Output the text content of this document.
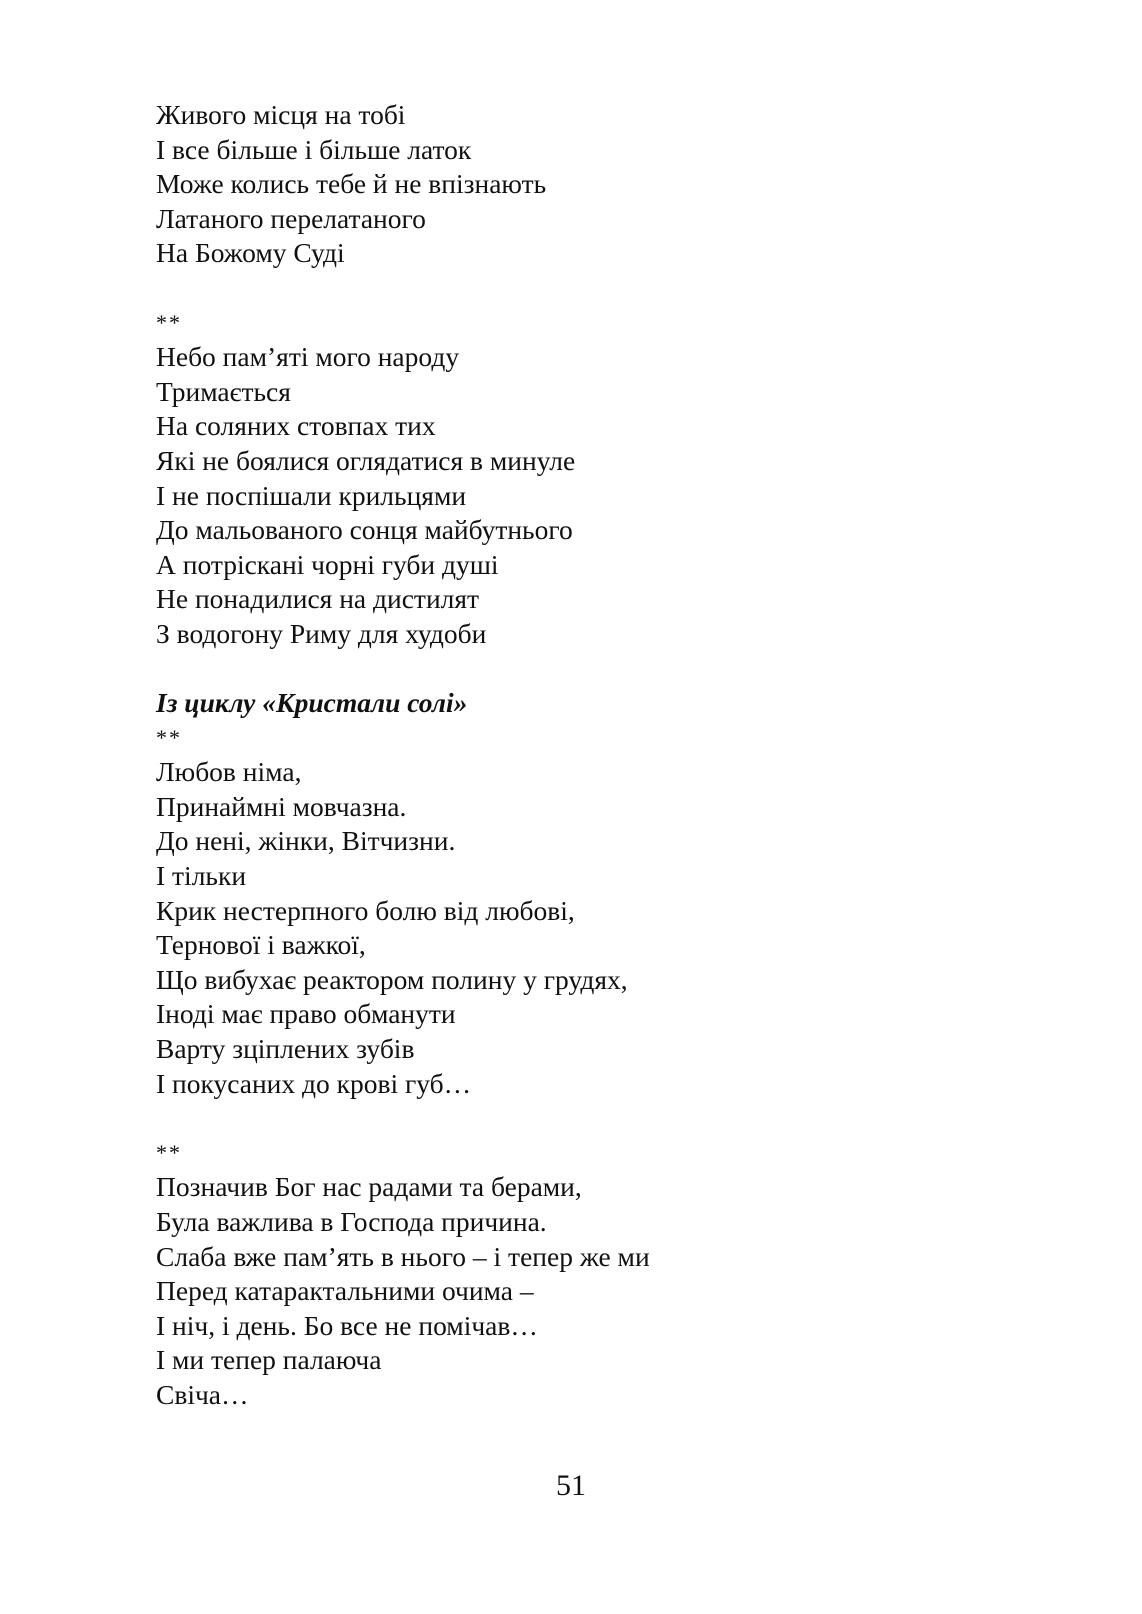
Живого місця на тобі
І все більше і більше латок
Може колись тебе й не впізнають
Латаного перелатаного
На Божому Суді
**
Небо пам’яті мого народу
Тримається
На соляних стовпах тих
Які не боялися оглядатися в минуле
І не поспішали крильцями
До мальованого сонця майбутнього
А потріскані чорні губи душі
Не понадилися на дистилят
З водогону Риму для худоби
Із циклу «Кристали солі»
**
Любов німа,
Принаймні мовчазна.
До нені, жінки, Вітчизни.
І тільки
Крик нестерпного болю від любові,
Тернової і важкої,
Що вибухає реактором полину у грудях,
Іноді має право обманути
Варту зціплених зубів
І покусаних до крові губ…
**
Позначив Бог нас радами та берами,
Була важлива в Господа причина.
Слаба вже пам’ять в нього – і тепер же ми
Перед катарактальними очима –
І ніч, і день. Бо все не помічав…
І ми тепер палаюча
Свіча…
51
